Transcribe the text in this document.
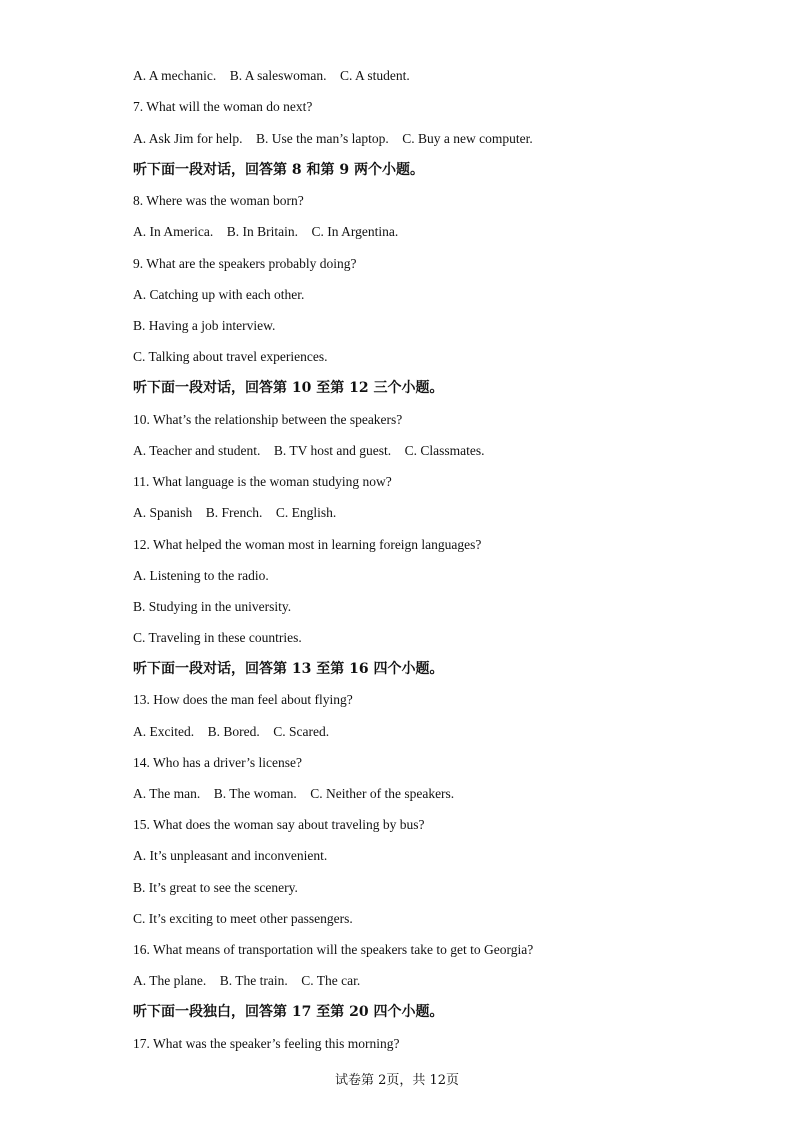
A. A mechanic.    B. A saleswoman.    C. A student.
7. What will the woman do next?
A. Ask Jim for help.    B. Use the man’s laptop.    C. Buy a new computer.
听下面一段对话，回答第 8 和第 9 两个小题。
8. Where was the woman born?
A. In America.    B. In Britain.    C. In Argentina.
9. What are the speakers probably doing?
A. Catching up with each other.
B. Having a job interview.
C. Talking about travel experiences.
听下面一段对话，回答第 10 至第 12 三个小题。
10. What’s the relationship between the speakers?
A. Teacher and student.    B. TV host and guest.    C. Classmates.
11. What language is the woman studying now?
A. Spanish    B. French.    C. English.
12. What helped the woman most in learning foreign languages?
A. Listening to the radio.
B. Studying in the university.
C. Traveling in these countries.
听下面一段对话，回答第 13 至第 16 四个小题。
13. How does the man feel about flying?
A. Excited.    B. Bored.    C. Scared.
14. Who has a driver’s license?
A. The man.    B. The woman.    C. Neither of the speakers.
15. What does the woman say about traveling by bus?
A. It’s unpleasant and inconvenient.
B. It’s great to see the scenery.
C. It’s exciting to meet other passengers.
16. What means of transportation will the speakers take to get to Georgia?
A. The plane.    B. The train.    C. The car.
听下面一段独白，回答第 17 至第 20 四个小题。
17. What was the speaker’s feeling this morning?
试卷第 2页，共 12页
